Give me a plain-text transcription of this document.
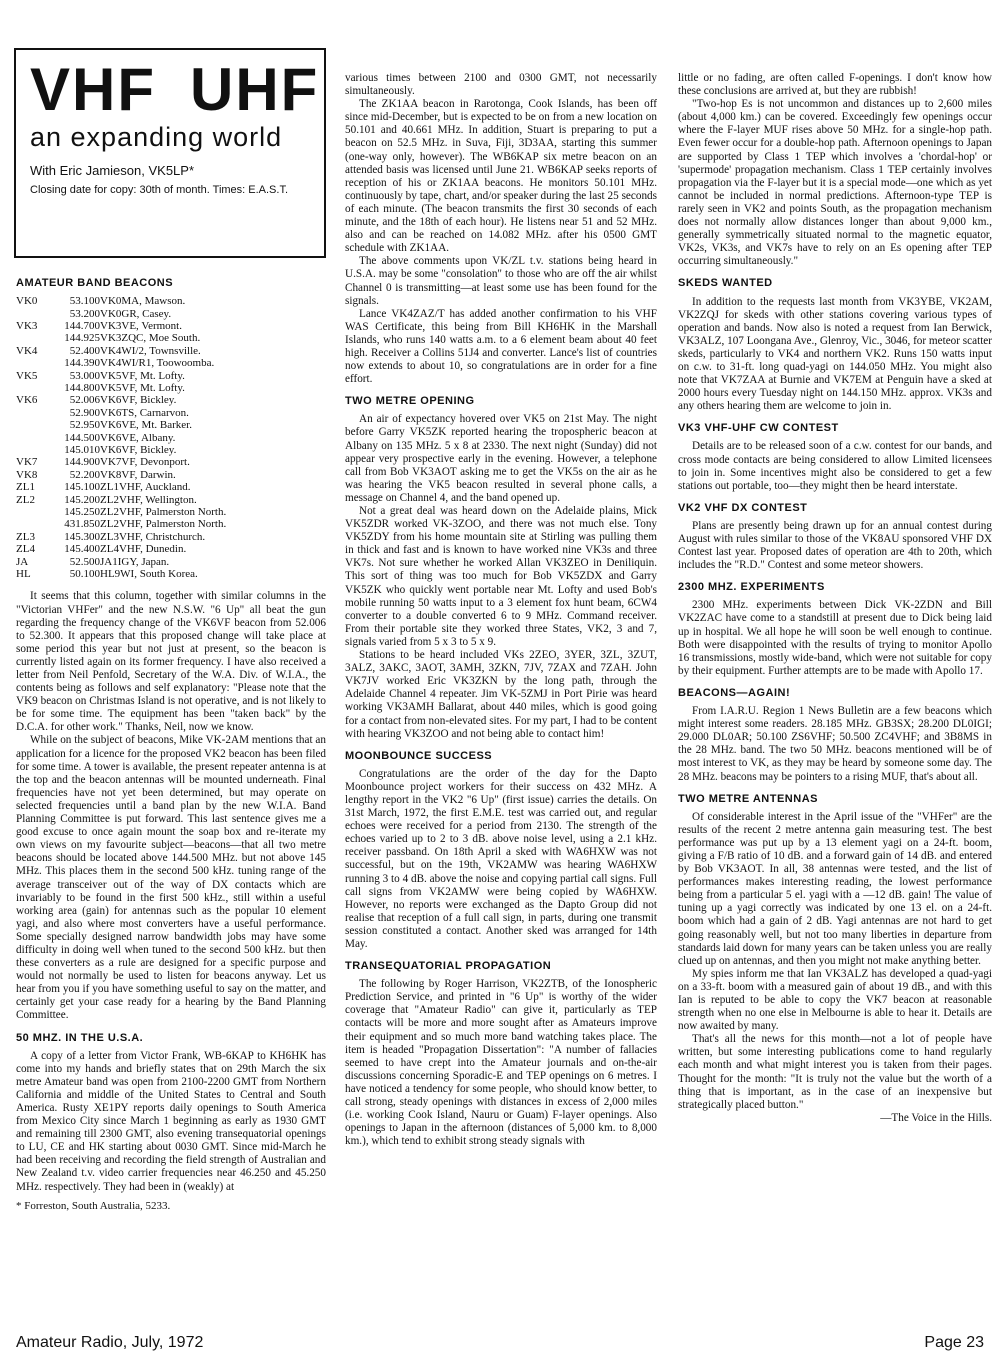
VHF UHF
an expanding world
With Eric Jamieson, VK5LP*
Closing date for copy: 30th of month. Times: E.A.S.T.
AMATEUR BAND BEACONS
VK0	53.100	VK0MA, Mawson.
	53.200	VK0GR, Casey.
VK3	144.700	VK3VE, Vermont.
	144.925	VK3ZQC, Moe South.
VK4	52.400	VK4WI/2, Townsville.
	144.390	VK4WI/R1, Toowoomba.
VK5	53.000	VK5VF, Mt. Lofty.
	144.800	VK5VF, Mt. Lofty.
VK6	52.006	VK6VF, Bickley.
	52.900	VK6TS, Carnarvon.
	52.950	VK6VE, Mt. Barker.
	144.500	VK6VE, Albany.
	145.010	VK6VF, Bickley.
VK7	144.900	VK7VF, Devonport.
VK8	52.200	VK8VF, Darwin.
ZL1	145.100	ZL1VHF, Auckland.
ZL2	145.200	ZL2VHF, Wellington.
	145.250	ZL2VHF, Palmerston North.
	431.850	ZL2VHF, Palmerston North.
ZL3	145.300	ZL3VHF, Christchurch.
ZL4	145.400	ZL4VHF, Dunedin.
JA	52.500	JA1IGY, Japan.
HL	50.100	HL9WI, South Korea.

It seems that this column, together with similar columns in the "Victorian VHFer" and the new N.S.W. "6 Up" all beat the gun regarding the frequency change of the VK6VF beacon from 52.006 to 52.300. It appears that this proposed change will take place at some period this year but not just at present, so the beacon is currently listed again on its former frequency. I have also received a letter from Neil Penfold, Secretary of the W.A. Div. of W.I.A., the contents being as follows and self explanatory: "Please note that the VK9 beacon on Christmas Island is not operative, and is not likely to be for some time. The equipment has been "taken back" by the D.C.A. for other work." Thanks, Neil, now we know.

While on the subject of beacons, Mike VK-2AM mentions that an application for a licence for the proposed VK2 beacon has been filed for some time. A tower is available, the present repeater antenna is at the top and the beacon antennas will be mounted underneath. Final frequencies have not yet been determined, but may operate on selected frequencies until a band plan by the new W.I.A. Band Planning Committee is put forward. This last sentence gives me a good excuse to once again mount the soap box and re-iterate my own views on my favourite subject—beacons—that all two metre beacons should be located above 144.500 MHz. but not above 145 MHz. This places them in the second 500 kHz. tuning range of the average transceiver out of the way of DX contacts which are invariably to be found in the first 500 kHz., still within a useful working area (gain) for antennas such as the popular 10 element yagi, and also where most converters have a useful performance. Some specially designed narrow bandwidth jobs may have some difficulty in doing well when tuned to the second 500 kHz. but then these converters as a rule are designed for a specific purpose and would not normally be used to listen for beacons anyway. Let us hear from you if you have something useful to say on the matter, and certainly get your case ready for a hearing by the Band Planning Committee.

50 MHZ. IN THE U.S.A.

A copy of a letter from Victor Frank, WB-6KAP to KH6HK has come into my hands and briefly states that on 29th March the six metre Amateur band was open from 2100-2200 GMT from Northern California and middle of the United States to Central and South America. Rusty XE1PY reports daily openings to South America from Mexico City since March 1 beginning as early as 1930 GMT and remaining till 2300 GMT, also evening transequatorial openings to LU, CE and HK starting about 0030 GMT. Since mid-March he had been receiving and recording the field strength of Australian and New Zealand t.v. video carrier frequencies near 46.250 and 45.250 MHz. respectively. They had been in (weakly) at

* Forreston, South Australia, 5233.

various times between 2100 and 0300 GMT, not necessarily simultaneously.

The ZK1AA beacon in Rarotonga, Cook Islands, has been off since mid-December, but is expected to be on from a new location on 50.101 and 40.661 MHz. In addition, Stuart is preparing to put a beacon on 52.5 MHz. in Suva, Fiji, 3D3AA, starting this summer (one-way only, however). The WB6KAP six metre beacon on an attended basis was licensed until June 21. WB6KAP seeks reports of reception of his or ZK1AA beacons. He monitors 50.101 MHz. continuously by tape, chart, and/or speaker during the last 25 seconds of each minute. (The beacon transmits the first 30 seconds of each minute, and the 18th of each hour). He listens near 51 and 52 MHz. also and can be reached on 14.082 MHz. after his 0500 GMT schedule with ZK1AA.

The above comments upon VK/ZL t.v. stations being heard in U.S.A. may be some "consolation" to those who are off the air whilst Channel 0 is transmitting—at least some use has been found for the signals.

Lance VK4ZAZ/T has added another confirmation to his VHF WAS Certificate, this being from Bill KH6HK in the Marshall Islands, who runs 140 watts a.m. to a 6 element beam about 40 feet high. Receiver a Collins 51J4 and converter. Lance's list of countries now extends to about 10, so congratulations are in order for a fine effort.

TWO METRE OPENING

An air of expectancy hovered over VK5 on 21st May. The night before Garry VK5ZK reported hearing the tropospheric beacon at Albany on 135 MHz. 5 x 8 at 2330. The next night (Sunday) did not appear very prospective early in the evening. However, a telephone call from Bob VK3AOT asking me to get the VK5s on the air as he was hearing the VK5 beacon resulted in several phone calls, a message on Channel 4, and the band opened up.

Not a great deal was heard down on the Adelaide plains, Mick VK5ZDR worked VK-3ZOO, and there was not much else. Tony VK5ZDY from his home mountain site at Stirling was pulling them in thick and fast and is known to have worked nine VK3s and three VK7s. Not sure whether he worked Allan VK3ZEO in Deniliquin. This sort of thing was too much for Bob VK5ZDX and Garry VK5ZK who quickly went portable near Mt. Lofty and used Bob's mobile running 50 watts input to a 3 element fox hunt beam, 6CW4 converter to a double converted 6 to 9 MHz. Command receiver. From their portable site they worked three States, VK2, 3 and 7, signals varied from 5 x 3 to 5 x 9.

Stations to be heard included VKs 2ZEO, 3YER, 3ZL, 3ZUT, 3ALZ, 3AKC, 3AOT, 3AMH, 3ZKN, 7JV, 7ZAX and 7ZAH. John VK7JV worked Eric VK3ZKN by the long path, through the Adelaide Channel 4 repeater. Jim VK-5ZMJ in Port Pirie was heard working VK3AMH Ballarat, about 440 miles, which is good going for a contact from non-elevated sites. For my part, I had to be content with hearing VK3ZOO and not being able to contact him!

MOONBOUNCE SUCCESS

Congratulations are the order of the day for the Dapto Moonbounce project workers for their success on 432 MHz. A lengthy report in the VK2 "6 Up" (first issue) carries the details. On 31st March, 1972, the first E.M.E. test was carried out, and regular echoes were received for a period from 2130. The strength of the echoes varied up to 2 to 3 dB. above noise level, using a 2.1 kHz. receiver passband. On 18th April a sked with WA6HXW was not successful, but on the 19th, VK2AMW was hearing WA6HXW running 3 to 4 dB. above the noise and copying partial call signs. Full call signs from VK2AMW were being copied by WA6HXW. However, no reports were exchanged as the Dapto Group did not realise that reception of a full call sign, in parts, during one transmit session constituted a contact. Another sked was arranged for 14th May.

TRANSEQUATORIAL PROPAGATION

The following by Roger Harrison, VK2ZTB, of the Ionospheric Prediction Service, and printed in "6 Up" is worthy of the wider coverage that "Amateur Radio" can give it, particularly as TEP contacts will be more and more sought after as Amateurs improve their equipment and so much more band watching takes place. The item is headed "Propagation Dissertation": "A number of fallacies seemed to have crept into the Amateur journals and on-the-air discussions concerning Sporadic-E and TEP openings on 6 metres. I have noticed a tendency for some people, who should know better, to call strong, steady openings with distances in excess of 2,000 miles (i.e. working Cook Island, Nauru or Guam) F-layer openings. Also openings to Japan in the afternoon (distances of 5,000 km. to 8,000 km.), which tend to exhibit strong steady signals with

little or no fading, are often called F-openings. I don't know how these conclusions are arrived at, but they are rubbish!

"Two-hop Es is not uncommon and distances up to 2,600 miles (about 4,000 km.) can be covered. Exceedingly few openings occur where the F-layer MUF rises above 50 MHz. for a single-hop path. Even fewer occur for a double-hop path. Afternoon openings to Japan are supported by Class 1 TEP which involves a 'chordal-hop' or 'supermode' propagation mechanism. Class 1 TEP certainly involves propagation via the F-layer but it is a special mode—one which as yet cannot be included in normal predictions. Afternoon-type TEP is rarely seen in VK2 and points South, as the propagation mechanism does not normally allow distances longer than about 9,000 km., generally symmetrically situated normal to the magnetic equator, VK2s, VK3s, and VK7s have to rely on an Es opening after TEP occurring simultaneously."

SKEDS WANTED

In addition to the requests last month from VK3YBE, VK2AM, VK2ZQJ for skeds with other stations covering various types of operation and bands. Now also is noted a request from Ian Berwick, VK3ALZ, 107 Loongana Ave., Glenroy, Vic., 3046, for meteor scatter skeds, particularly to VK4 and northern VK2. Runs 150 watts input on c.w. to 31-ft. long quad-yagi on 144.050 MHz. You might also note that VK7ZAA at Burnie and VK7EM at Penguin have a sked at 2000 hours every Tuesday night on 144.150 MHz. approx. VK3s and any others hearing them are welcome to join in.

VK3 VHF-UHF CW CONTEST

Details are to be released soon of a c.w. contest for our bands, and cross mode contacts are being considered to allow Limited licensees to join in. Some incentives might also be considered to get a few stations out portable, too—they might then be heard interstate.

VK2 VHF DX CONTEST

Plans are presently being drawn up for an annual contest during August with rules similar to those of the VK8AU sponsored VHF DX Contest last year. Proposed dates of operation are 4th to 20th, which includes the "R.D." Contest and some meteor showers.

2300 MHZ. EXPERIMENTS

2300 MHz. experiments between Dick VK-2ZDN and Bill VK2ZAC have come to a standstill at present due to Dick being laid up in hospital. We all hope he will soon be well enough to continue. Both were disappointed with the results of trying to monitor Apollo 16 transmissions, mostly wide-band, which were not suitable for copy by their equipment. Further attempts are to be made with Apollo 17.

BEACONS—AGAIN!

From I.A.R.U. Region 1 News Bulletin are a few beacons which might interest some readers. 28.185 MHz. GB3SX; 28.200 DL0IGI; 29.000 DL0AR; 50.100 ZS6VHF; 50.500 ZC4VHF; and 3B8MS in the 28 MHz. band. The two 50 MHz. beacons mentioned will be of most interest to VK, as they may be heard by someone some day. The 28 MHz. beacons may be pointers to a rising MUF, that's about all.

TWO METRE ANTENNAS

Of considerable interest in the April issue of the "VHFer" are the results of the recent 2 metre antenna gain measuring test. The best performance was put up by a 13 element yagi on a 24-ft. boom, giving a F/B ratio of 10 dB. and a forward gain of 14 dB. and entered by Bob VK3AOT. In all, 38 antennas were tested, and the list of performances makes interesting reading, the lowest performance being from a particular 5 el. yagi with a —12 dB. gain! The value of tuning up a yagi correctly was indicated by one 13 el. on a 24-ft. boom which had a gain of 2 dB. Yagi antennas are not hard to get going reasonably well, but not too many liberties in departure from standards laid down for many years can be taken unless you are really clued up on antennas, and then you might not make anything better.

My spies inform me that Ian VK3ALZ has developed a quad-yagi on a 33-ft. boom with a measured gain of about 19 dB., and with this Ian is reputed to be able to copy the VK7 beacon at reasonable strength when no one else in Melbourne is able to hear it. Details are now awaited by many.

That's all the news for this month—not a lot of people have written, but some interesting publications come to hand regularly each month and what might interest you is taken from their pages. Thought for the month: "It is truly not the value but the worth of a thing that is important, as in the case of an inexpensive but strategically placed button."

—The Voice in the Hills.
Amateur Radio, July, 1972	Page 23
